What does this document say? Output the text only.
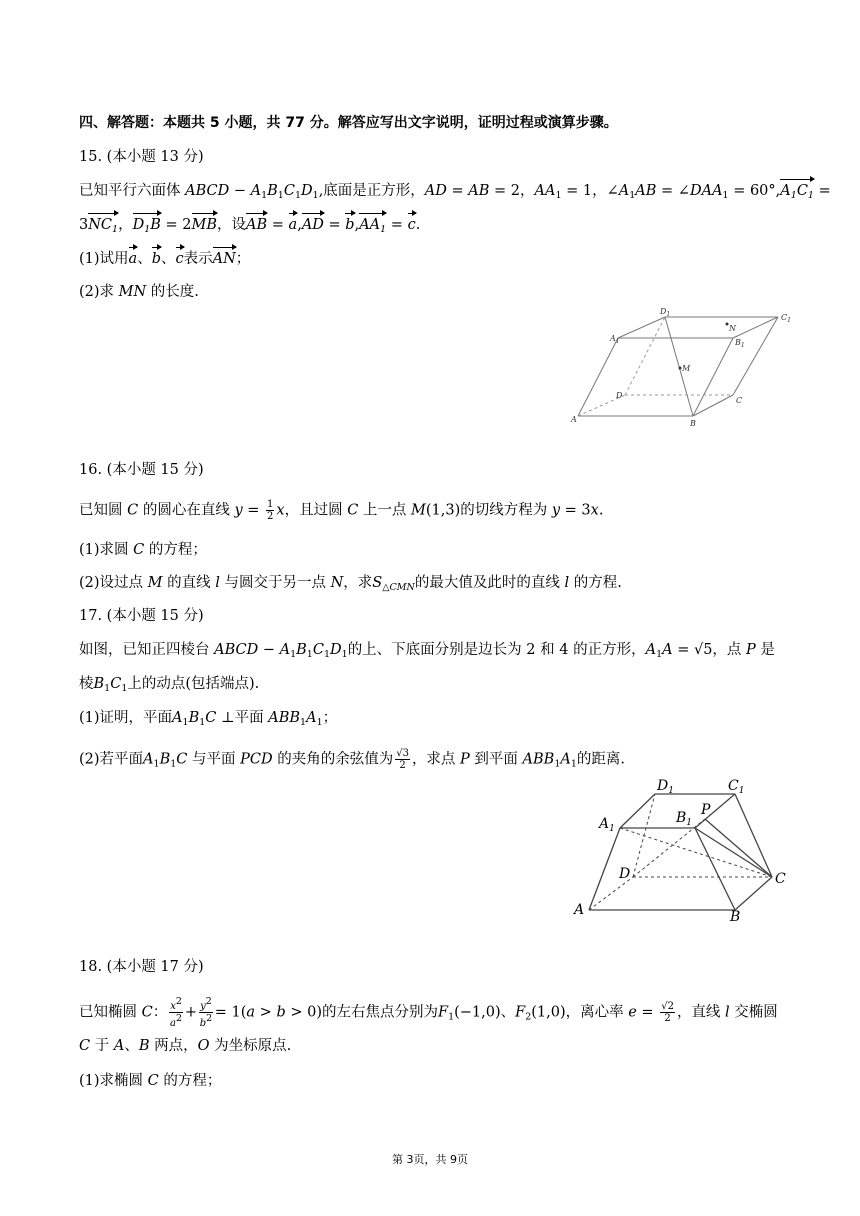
四、解答题：本题共 5 小题，共 77 分。解答应写出文字说明，证明过程或演算步骤。
15. (本小题 13 分)
已知平行六面体 ABCD − $A_1B_1C_1D_1$,底面是正方形，AD = AB = 2，$AA_1 = 1$，$\angle A_1AB$ = $\angle DAA_1 = 60^\circ,A_1C_1$ =
$3NC_1$，$D_1B = 2MB$，设AB = $a,AD = b,AA_1 = c$.
(1)试用a、b、c表示AN；
(2)求 MN 的长度.
$A_1$
$D_1$
N
$C_1$
$B_1$
M
D
C
A	B
16. (本小题 15 分)
已知圆 C 的圆心在直线 $y = \frac{1}{2}$ x，且过圆 C 上一点 M(1,3)的切线方程为 y = 3x.
(1)求圆 C 的方程；
(2)设过点 M 的直线 l 与圆交于另一点 N，求$S_{\triangle CMN}$的最大值及此时的直线 l 的方程.
17. (本小题 15 分)
如图，已知正四棱台 ABCD − $A_1B_1C_1D_1$的上、下底面分别是边长为 2 和 4 的正方形，$A_1A = √5$，点 P 是
棱$B_1C_1$上的动点(包括端点).
(1)证明，平面$A_1B_1C$ ⊥平面 $ABB_1A_1$；
(2)若平面$A_1B_1C$ 与平面 PCD 的夹角的余弦值为 $\frac{√3}{2}$ ，求点 P 到平面 $ABB_1A_1$的距离.
$D_1$	$C_1$
$A_1$
$B_1$
P
D	C
A	B
18. (本小题 17 分)
已知椭圆 C： $\frac{x^2}{a^2} + \frac{y^2}{b^2} = 1(a > b > 0)$的左右焦点分别为$F_1(-1,0)$、$F_2(1,0)$，离心率 $e = \frac{√2}{2}$ ，直线 l 交椭圆
C 于 A、B 两点，O 为坐标原点.
(1)求椭圆 C 的方程；
第 3页，共 9页
